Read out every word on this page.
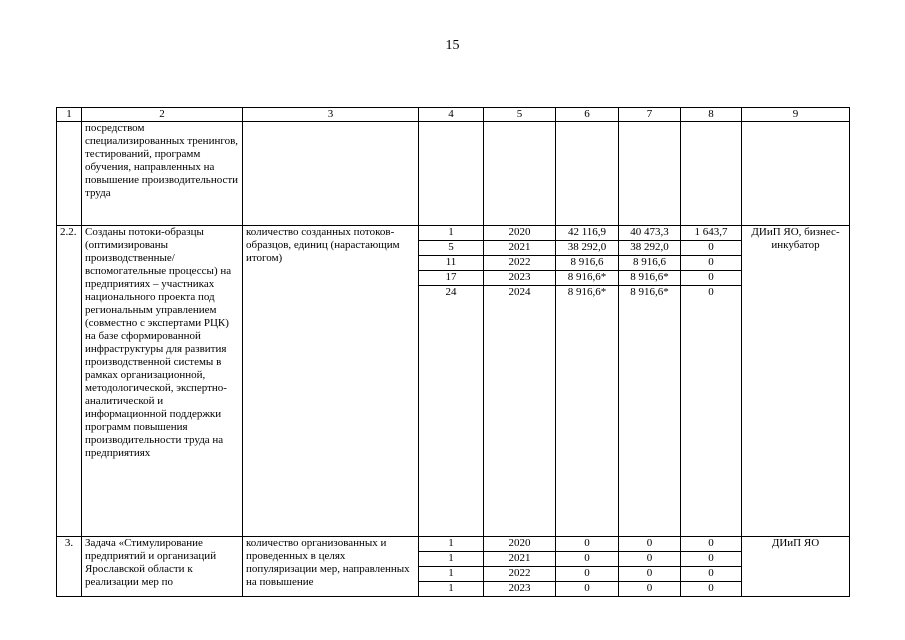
15
1	2	3	4	5	6	7	8	9
	посредством специализированных тренингов, тестирований, программ обучения, направленных на повышение производительности труда							
2.2.	Созданы потоки-образцы (оптимизированы производственные/ вспомогательные процессы) на предприятиях – участниках национального проекта под региональным управлением (совместно с экспертами РЦК) на базе сформированной инфраструктуры для развития производственной системы в рамках организационной, методологической, экспертно-аналитической и информационной поддержки программ повышения производительности труда на предприятиях	количество созданных потоков-образцов, единиц (нарастающим итогом)	1	2020	42 116,9	40 473,3	1 643,7	ДИиП ЯО, бизнес-инкубатор
			5	2021	38 292,0	38 292,0	0	
			11	2022	8 916,6	8 916,6	0	
			17	2023	8 916,6*	8 916,6*	0	
			24	2024	8 916,6*	8 916,6*	0	

3.	Задача «Стимулирование предприятий и организаций Ярославской области к реализации мер по	количество организованных и проведенных в целях популяризации мер, направленных на повышение	1	2020	0	0	0	ДИиП ЯО
			1	2021	0	0	0	
			1	2022	0	0	0	
			1	2023	0	0	0	
